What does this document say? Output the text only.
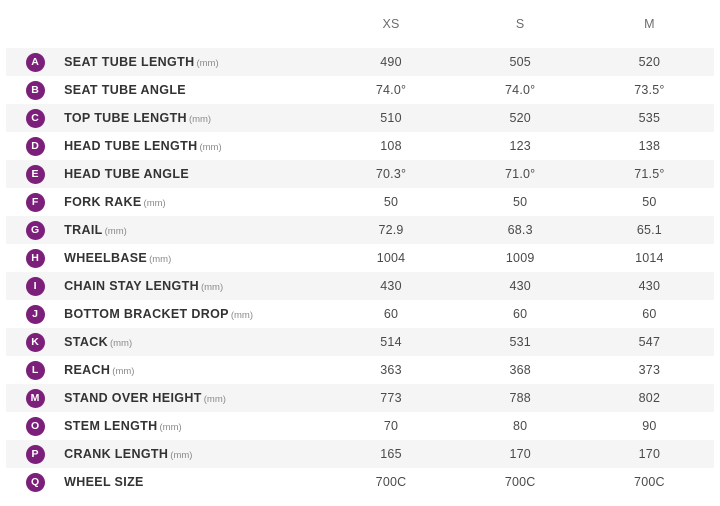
		XS	S	M
A	SEAT TUBE LENGTH (mm)	490	505	520
B	SEAT TUBE ANGLE	74.0°	74.0°	73.5°
C	TOP TUBE LENGTH (mm)	510	520	535
D	HEAD TUBE LENGTH (mm)	108	123	138
E	HEAD TUBE ANGLE	70.3°	71.0°	71.5°
F	FORK RAKE (mm)	50	50	50
G	TRAIL (mm)	72.9	68.3	65.1
H	WHEELBASE (mm)	1004	1009	1014
I	CHAIN STAY LENGTH (mm)	430	430	430
J	BOTTOM BRACKET DROP (mm)	60	60	60
K	STACK (mm)	514	531	547
L	REACH (mm)	363	368	373
M	STAND OVER HEIGHT (mm)	773	788	802
O	STEM LENGTH (mm)	70	80	90
P	CRANK LENGTH (mm)	165	170	170
Q	WHEEL SIZE	700C	700C	700C
